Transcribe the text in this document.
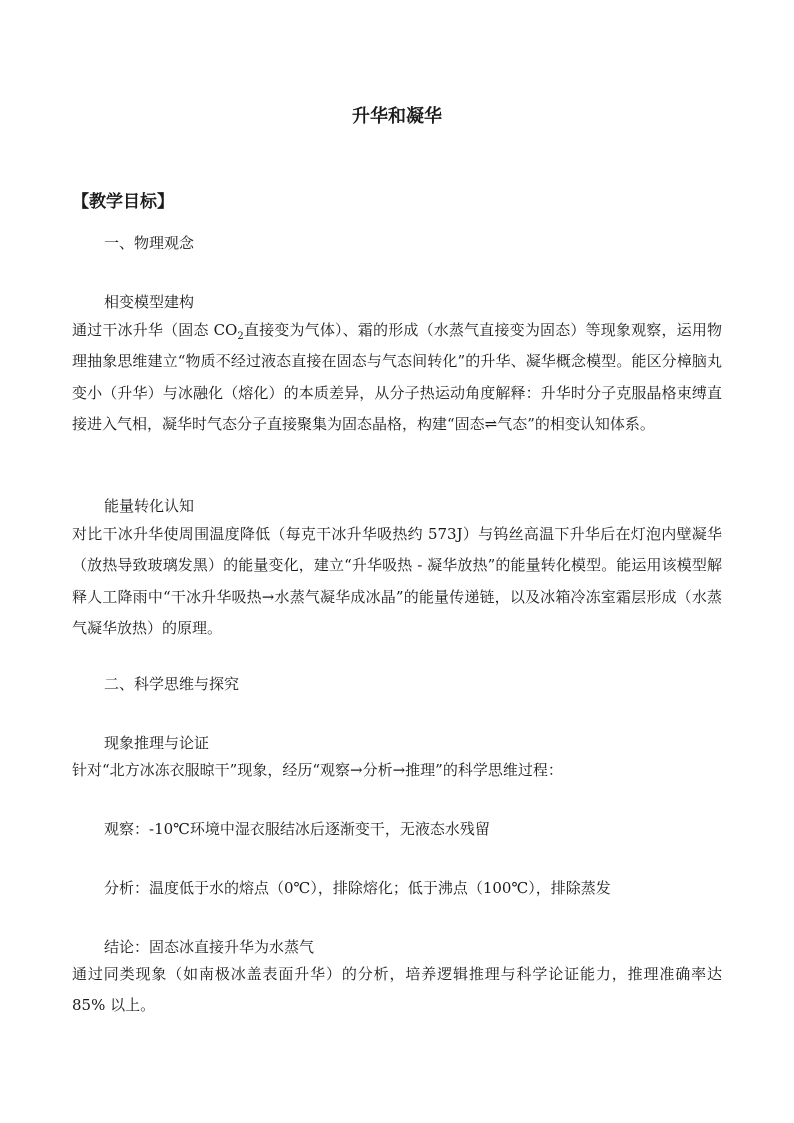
升华和凝华
【教学目标】

一、物理观念

相变模型建构

通过干冰升华（固态 $CO_2$直接变为气体）、霜的形成（水蒸气直接变为固态）等现象观察，运用物理抽象思维建立“物质不经过液态直接在固态与气态间转化”的升华、凝华概念模型。能区分樟脑丸变小（升华）与冰融化（熔化）的本质差异，从分子热运动角度解释：升华时分子克服晶格束缚直接进入气相，凝华时气态分子直接聚集为固态晶格，构建“固态⇌气态”的相变认知体系。

能量转化认知

对比干冰升华使周围温度降低（每克干冰升华吸热约 573J）与钨丝高温下升华后在灯泡内壁凝华（放热导致玻璃发黑）的能量变化，建立“升华吸热 - 凝华放热”的能量转化模型。能运用该模型解释人工降雨中“干冰升华吸热→水蒸气凝华成冰晶”的能量传递链，以及冰箱冷冻室霜层形成（水蒸气凝华放热）的原理。

二、科学思维与探究

现象推理与论证

针对“北方冰冻衣服晾干”现象，经历“观察→分析→推理”的科学思维过程：

观察：-10℃环境中湿衣服结冰后逐渐变干，无液态水残留

分析：温度低于水的熔点（0℃），排除熔化；低于沸点（100℃），排除蒸发

结论：固态冰直接升华为水蒸气

通过同类现象（如南极冰盖表面升华）的分析，培养逻辑推理与科学论证能力，推理准确率达 85% 以上。
